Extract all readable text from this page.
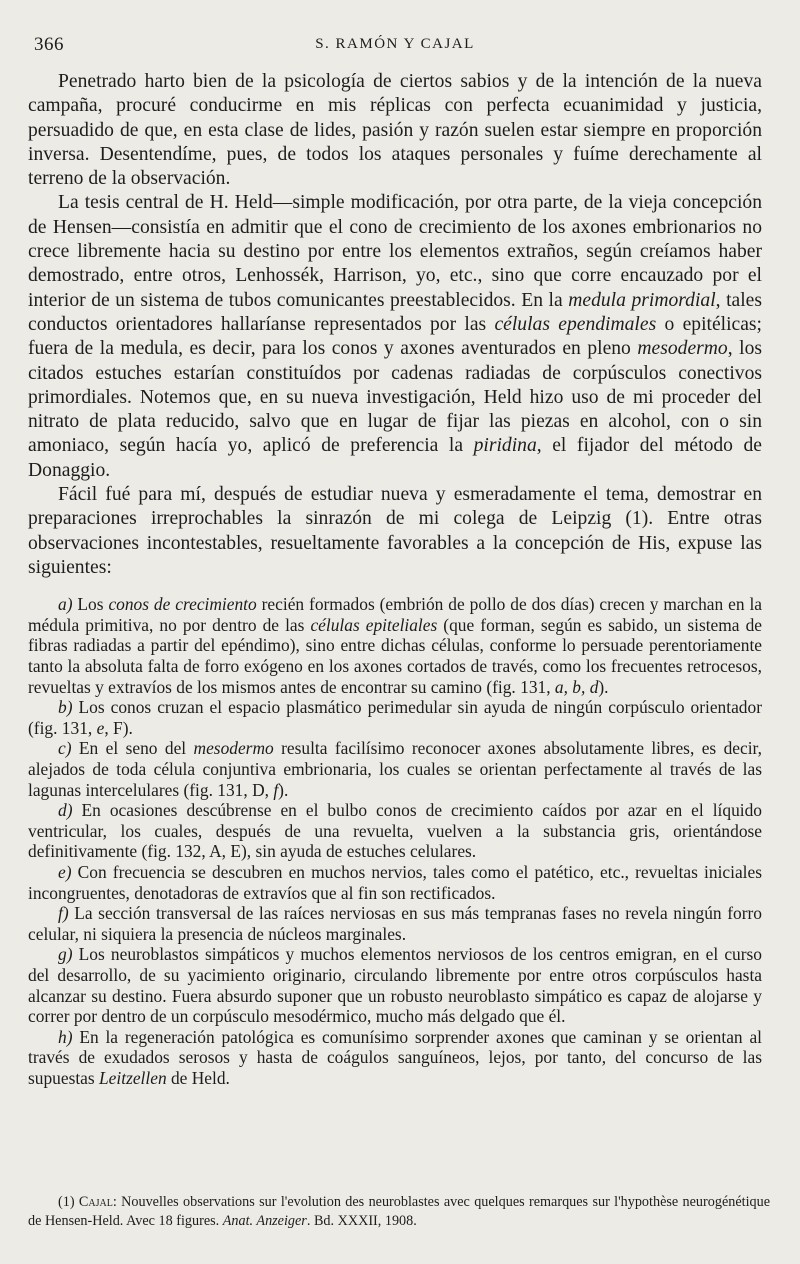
366	S. RAMÓN Y CAJAL

Penetrado harto bien de la psicología de ciertos sabios y de la intención de la nueva campaña, procuré conducirme en mis réplicas con perfecta ecuanimidad y justicia, persuadido de que, en esta clase de lides, pasión y razón suelen estar siempre en proporción inversa. Desentendíme, pues, de todos los ataques personales y fuíme derechamente al terreno de la observación.

La tesis central de H. Held—simple modificación, por otra parte, de la vieja concepción de Hensen—consistía en admitir que el cono de crecimiento de los axones embrionarios no crece libremente hacia su destino por entre los elementos extraños, según creíamos haber demostrado, entre otros, Lenhossék, Harrison, yo, etc., sino que corre encauzado por el interior de un sistema de tubos comunicantes preestablecidos. En la medula primordial, tales conductos orientadores hallaríanse representados por las células ependimales o epitélicas; fuera de la medula, es decir, para los conos y axones aventurados en pleno mesodermo, los citados estuches estarían constituídos por cadenas radiadas de corpúsculos conectivos primordiales. Notemos que, en su nueva investigación, Held hizo uso de mi proceder del nitrato de plata reducido, salvo que en lugar de fijar las piezas en alcohol, con o sin amoniaco, según hacía yo, aplicó de preferencia la piridina, el fijador del método de Donaggio.

Fácil fué para mí, después de estudiar nueva y esmeradamente el tema, demostrar en preparaciones irreprochables la sinrazón de mi colega de Leipzig (1). Entre otras observaciones incontestables, resueltamente favorables a la concepción de His, expuse las siguientes:

a) Los conos de crecimiento recién formados (embrión de pollo de dos días) crecen y marchan en la médula primitiva, no por dentro de las células epiteliales (que forman, según es sabido, un sistema de fibras radiadas a partir del epéndimo), sino entre dichas células, conforme lo persuade perentoriamente tanto la absoluta falta de forro exógeno en los axones cortados de través, como los frecuentes retrocesos, revueltas y extravíos de los mismos antes de encontrar su camino (fig. 131, a, b, d).

b) Los conos cruzan el espacio plasmático perimedular sin ayuda de ningún corpúsculo orientador (fig. 131, e, F).

c) En el seno del mesodermo resulta facilísimo reconocer axones absolutamente libres, es decir, alejados de toda célula conjuntiva embrionaria, los cuales se orientan perfectamente al través de las lagunas intercelulares (fig. 131, D, f).

d) En ocasiones descúbrense en el bulbo conos de crecimiento caídos por azar en el líquido ventricular, los cuales, después de una revuelta, vuelven a la substancia gris, orientándose definitivamente (fig. 132, A, E), sin ayuda de estuches celulares.

e) Con frecuencia se descubren en muchos nervios, tales como el patético, etc., revueltas iniciales incongruentes, denotadoras de extravíos que al fin son rectificados.

f) La sección transversal de las raíces nerviosas en sus más tempranas fases no revela ningún forro celular, ni siquiera la presencia de núcleos marginales.

g) Los neuroblastos simpáticos y muchos elementos nerviosos de los centros emigran, en el curso del desarrollo, de su yacimiento originario, circulando libremente por entre otros corpúsculos hasta alcanzar su destino. Fuera absurdo suponer que un robusto neuroblasto simpático es capaz de alojarse y correr por dentro de un corpúsculo mesodérmico, mucho más delgado que él.

h) En la regeneración patológica es comunísimo sorprender axones que caminan y se orientan al través de exudados serosos y hasta de coágulos sanguíneos, lejos, por tanto, del concurso de las supuestas Leitzellen de Held.

(1) Cajal: Nouvelles observations sur l'evolution des neuroblastes avec quelques remarques sur l'hypothèse neurogénétique de Hensen-Held. Avec 18 figures. Anat. Anzeiger. Bd. XXXII, 1908.
